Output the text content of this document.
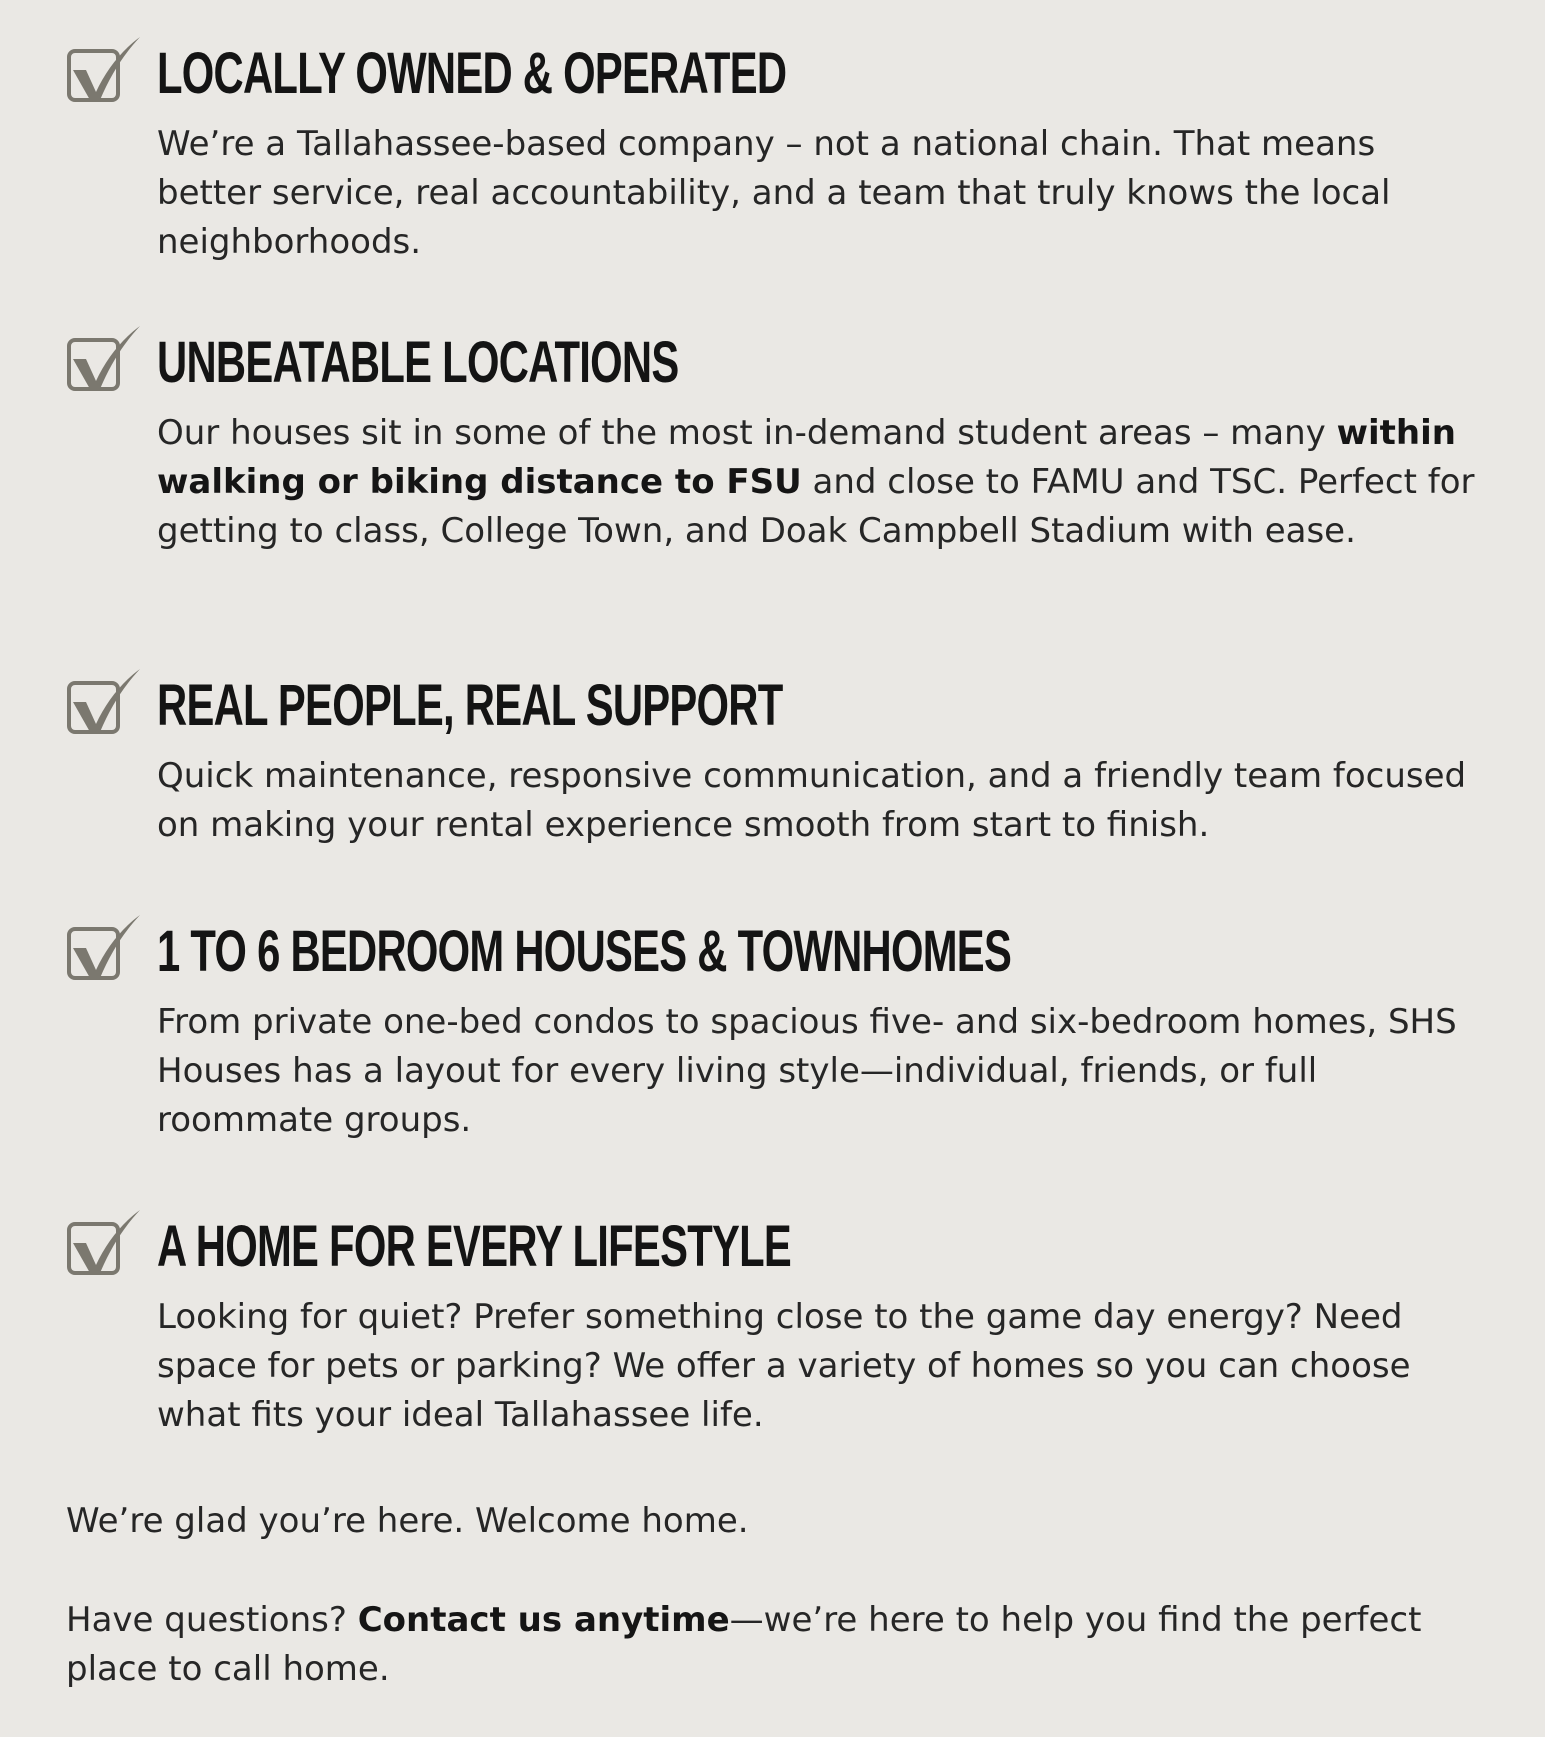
LOCALLY OWNED & OPERATED

We’re a Tallahassee-based company – not a national chain. That means better service, real accountability, and a team that truly knows the local neighborhoods.

UNBEATABLE LOCATIONS

Our houses sit in some of the most in-demand student areas – many within walking or biking distance to FSU and close to FAMU and TSC. Perfect for getting to class, College Town, and Doak Campbell Stadium with ease.

REAL PEOPLE, REAL SUPPORT

Quick maintenance, responsive communication, and a friendly team focused on making your rental experience smooth from start to finish.

1 TO 6 BEDROOM HOUSES & TOWNHOMES

From private one-bed condos to spacious five- and six-bedroom homes, SHS Houses has a layout for every living style—individual, friends, or full roommate groups.

A HOME FOR EVERY LIFESTYLE

Looking for quiet? Prefer something close to the game day energy? Need space for pets or parking? We offer a variety of homes so you can choose what fits your ideal Tallahassee life.

We’re glad you’re here. Welcome home.

Have questions? Contact us anytime—we’re here to help you find the perfect place to call home.
